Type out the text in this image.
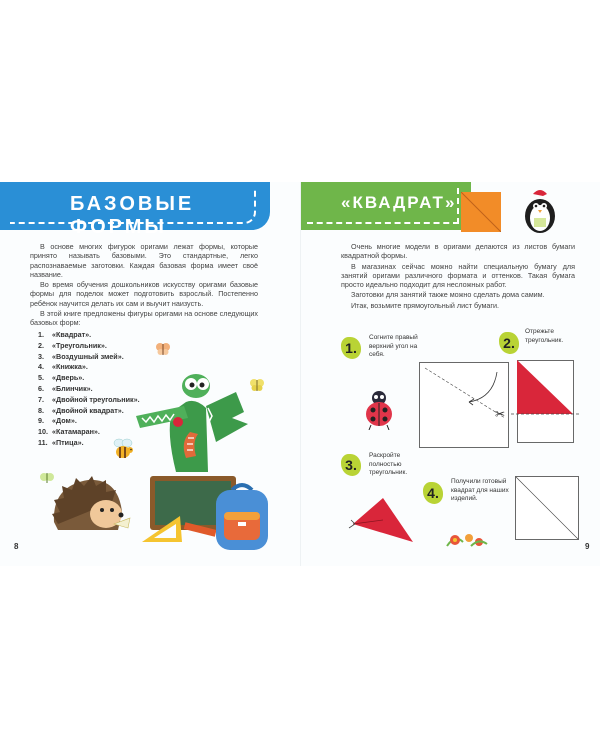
БАЗОВЫЕ ФОРМЫ

В основе многих фигурок оригами лежат формы, которые принято называть базовыми. Это стандартные, легко распознаваемые заготовки. Каждая базовая форма имеет своё название.

Во время обучения дошкольников искусству оригами базовые формы для поделок может подготовить взрослый. Постепенно ребёнок научится делать их сам и выучит наизусть.

В этой книге предложены фигуры оригами на основе следующих базовых форм:

1. «Квадрат».
2. «Треугольник».
3. «Воздушный змей».
4. «Книжка».
5. «Дверь».
6. «Блинчик».
7. «Двойной треугольник».
8. «Двойной квадрат».
9. «Дом».
10. «Катамаран».
11. «Птица».
8
«КВАДРАТ»

Очень многие модели в оригами делаются из листов бумаги квадратной формы.

В магазинах сейчас можно найти специальную бумагу для занятий оригами различного формата и оттенков. Такая бумага просто идеально подходит для несложных работ.

Заготовки для занятий также можно сделать дома самим.

Итак, возьмите прямоугольный лист бумаги.

1.
Согните правый верхний угол на себя.
2.
Отрежьте треугольник.
✂
3.
Раскройте полностью треугольник.
4.
Получили готовый квадрат для наших изделий.
9
